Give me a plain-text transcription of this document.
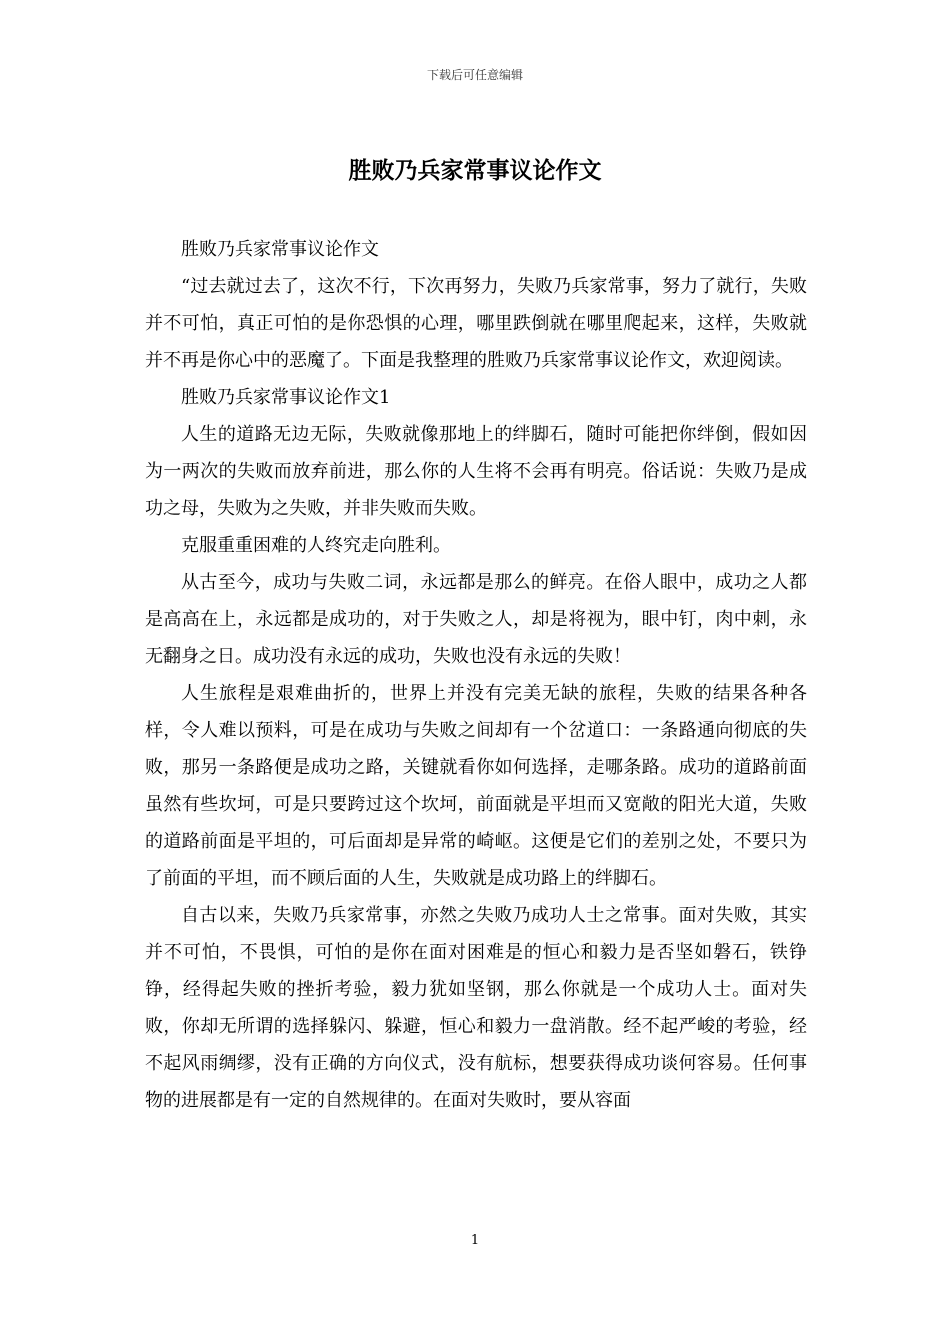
下载后可任意编辑
胜败乃兵家常事议论作文

胜败乃兵家常事议论作文

“过去就过去了，这次不行，下次再努力，失败乃兵家常事，努力了就行，失败并不可怕，真正可怕的是你恐惧的心理，哪里跌倒就在哪里爬起来，这样，失败就并不再是你心中的恶魔了。下面是我整理的胜败乃兵家常事议论作文，欢迎阅读。

胜败乃兵家常事议论作文1

人生的道路无边无际，失败就像那地上的绊脚石，随时可能把你绊倒，假如因为一两次的失败而放弃前进，那么你的人生将不会再有明亮。俗话说：失败乃是成功之母，失败为之失败，并非失败而失败。

克服重重困难的人终究走向胜利。

从古至今，成功与失败二词，永远都是那么的鲜亮。在俗人眼中，成功之人都是高高在上，永远都是成功的，对于失败之人，却是将视为，眼中钉，肉中刺，永无翻身之日。成功没有永远的成功，失败也没有永远的失败！

人生旅程是艰难曲折的，世界上并没有完美无缺的旅程，失败的结果各种各样，令人难以预料，可是在成功与失败之间却有一个岔道口：一条路通向彻底的失败，那另一条路便是成功之路，关键就看你如何选择，走哪条路。成功的道路前面虽然有些坎坷，可是只要跨过这个坎坷，前面就是平坦而又宽敞的阳光大道，失败的道路前面是平坦的，可后面却是异常的崎岖。这便是它们的差别之处，不要只为了前面的平坦，而不顾后面的人生，失败就是成功路上的绊脚石。

自古以来，失败乃兵家常事，亦然之失败乃成功人士之常事。面对失败，其实并不可怕，不畏惧，可怕的是你在面对困难是的恒心和毅力是否坚如磐石，铁铮铮，经得起失败的挫折考验，毅力犹如坚钢，那么你就是一个成功人士。面对失败，你却无所谓的选择躲闪、躲避，恒心和毅力一盘消散。经不起严峻的考验，经不起风雨绸缪，没有正确的方向仪式，没有航标，想要获得成功谈何容易。任何事物的进展都是有一定的自然规律的。在面对失败时，要从容面

1
